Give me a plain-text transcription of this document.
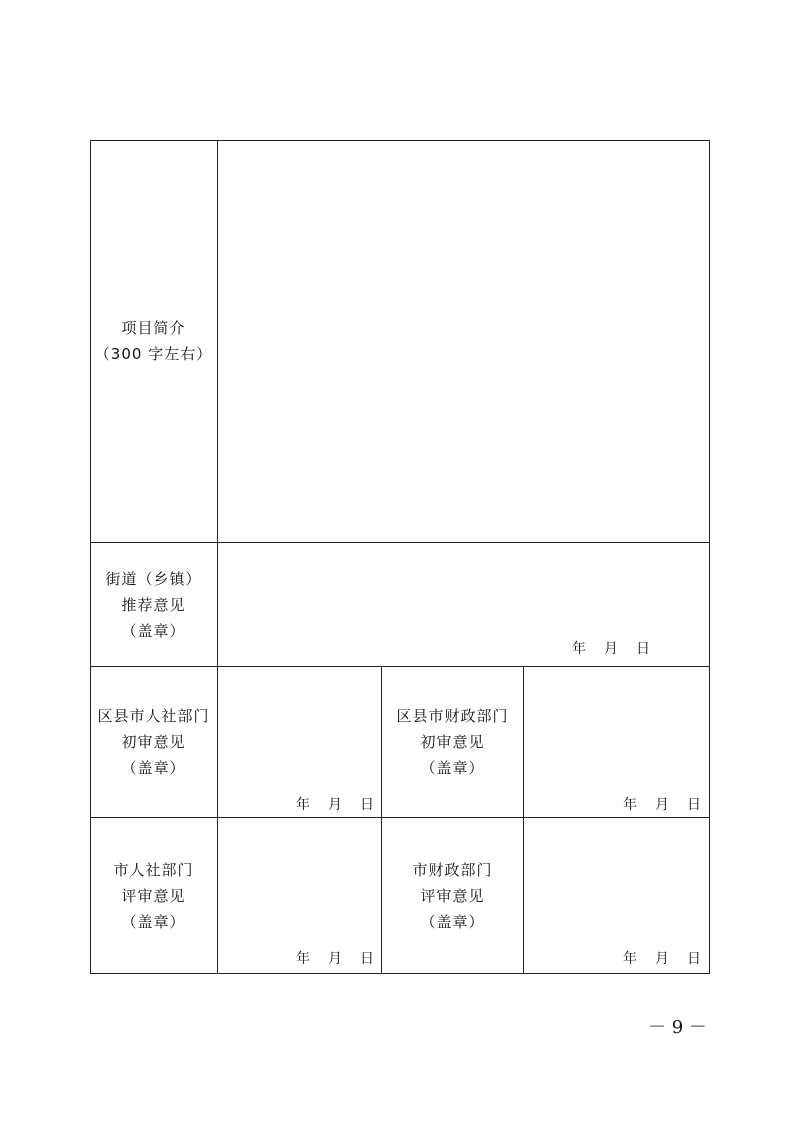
项目简介
（300 字左右）
街道（乡镇）
推荐意见
（盖章）
年 月 日
区县市人社部门
初审意见
（盖章）
年 月 日
区县市财政部门
初审意见
（盖章）
年 月 日
市人社部门
评审意见
（盖章）
年 月 日
市财政部门
评审意见
（盖章）
年 月 日
－ 9 －
